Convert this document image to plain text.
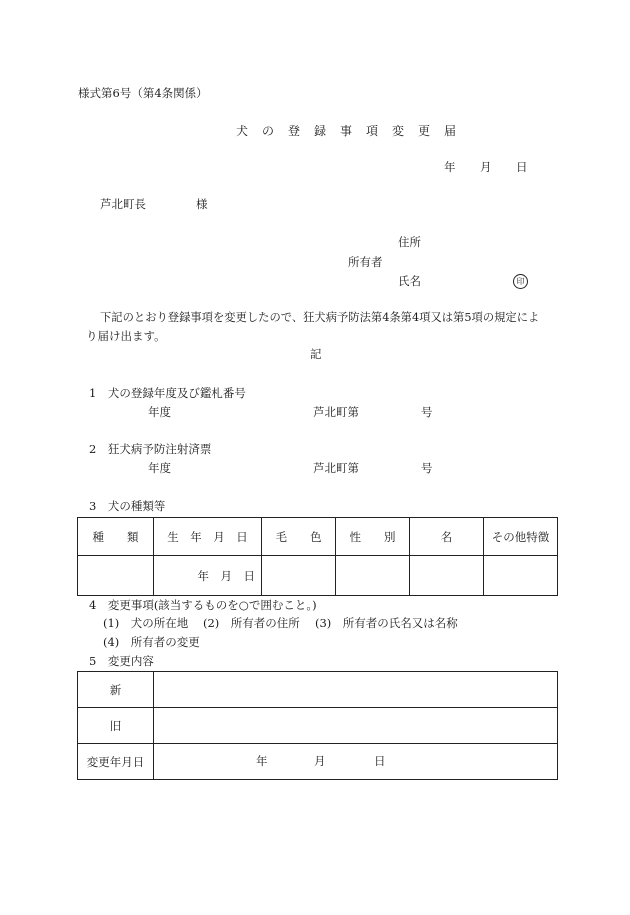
様式第6号（第4条関係）
犬の登録事項変更届
年 月 日
芦北町長	様
住所
所有者
氏名	印
下記のとおり登録事項を変更したので、狂犬病予防法第4条第4項又は第5項の規定によ
り届け出ます。
記
1　犬の登録年度及び鑑札番号
年度	芦北町第	号
2　狂犬病予防注射済票
年度	芦北町第	号
3　犬の種類等
種　　類	生　年　月　日	毛　　色	性　　別	名	その他特徴
	年　月　日				
4　変更事項(該当するものを○で囲むこと。)
(1)　犬の所在地 (2)　所有者の住所 (3)　所有者の氏名又は名称
(4)　所有者の変更
5　変更内容
新	
旧	
変更年月日	年 月 日
